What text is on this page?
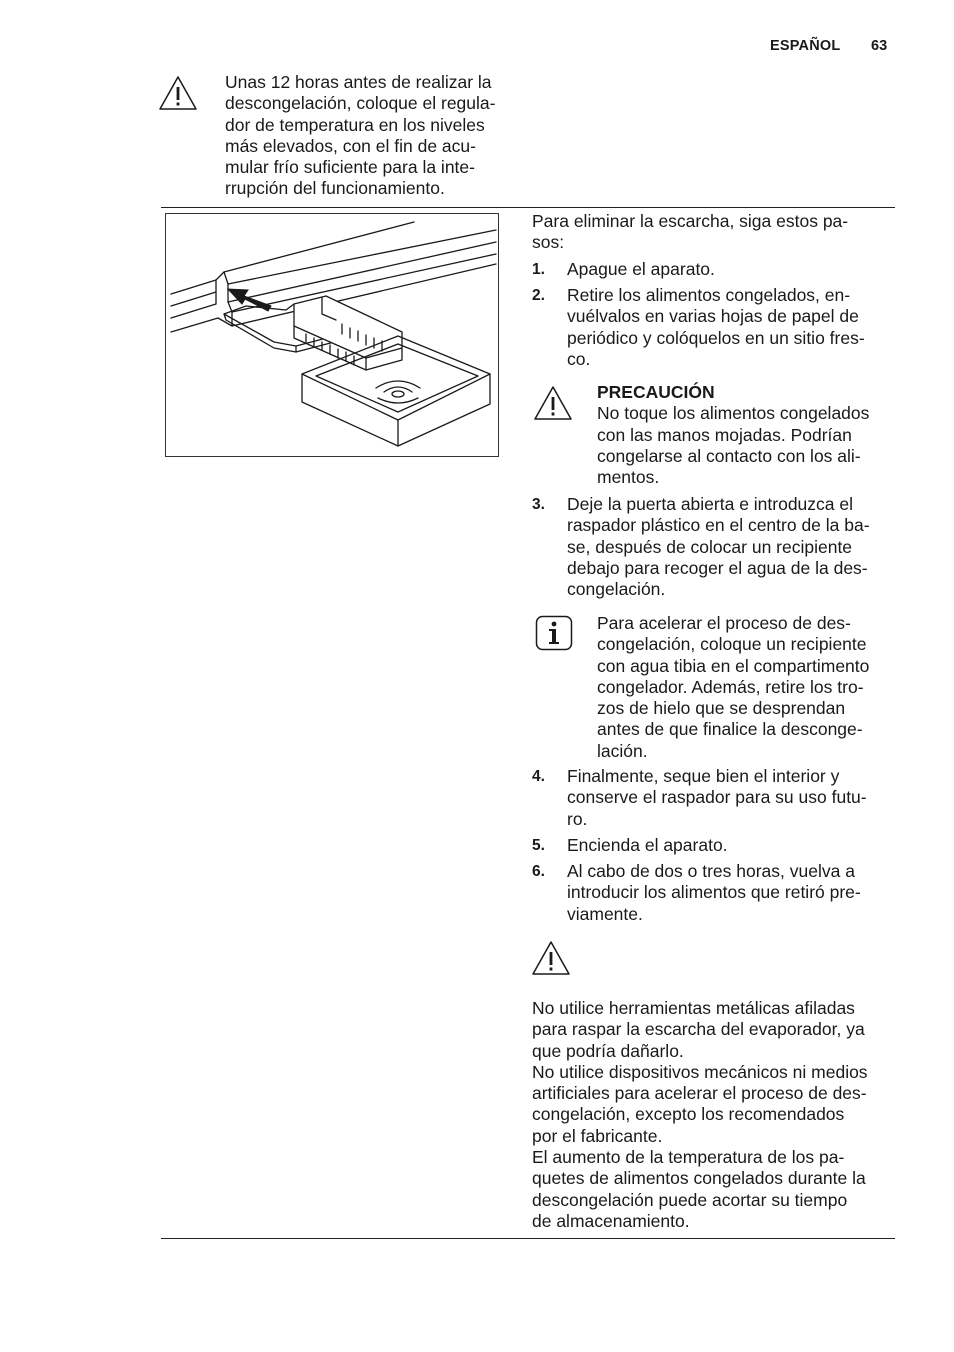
ESPAÑOL 63
Unas 12 horas antes de realizar la
descongelación, coloque el regula-
dor de temperatura en los niveles
más elevados, con el fin de acu-
mular frío suficiente para la inte-
rrupción del funcionamiento.
Para eliminar la escarcha, siga estos pa-
sos:
1. Apague el aparato.
2. Retire los alimentos congelados, en-
vuélvalos en varias hojas de papel de
periódico y colóquelos en un sitio fres-
co.
PRECAUCIÓN
No toque los alimentos congelados
con las manos mojadas. Podrían
congelarse al contacto con los ali-
mentos.
3. Deje la puerta abierta e introduzca el
raspador plástico en el centro de la ba-
se, después de colocar un recipiente
debajo para recoger el agua de la des-
congelación.
Para acelerar el proceso de des-
congelación, coloque un recipiente
con agua tibia en el compartimento
congelador. Además, retire los tro-
zos de hielo que se desprendan
antes de que finalice la desconge-
lación.
4. Finalmente, seque bien el interior y
conserve el raspador para su uso futu-
ro.
5. Encienda el aparato.
6. Al cabo de dos o tres horas, vuelva a
introducir los alimentos que retiró pre-
viamente.
No utilice herramientas metálicas afiladas
para raspar la escarcha del evaporador, ya
que podría dañarlo.
No utilice dispositivos mecánicos ni medios
artificiales para acelerar el proceso de des-
congelación, excepto los recomendados
por el fabricante.
El aumento de la temperatura de los pa-
quetes de alimentos congelados durante la
descongelación puede acortar su tiempo
de almacenamiento.
